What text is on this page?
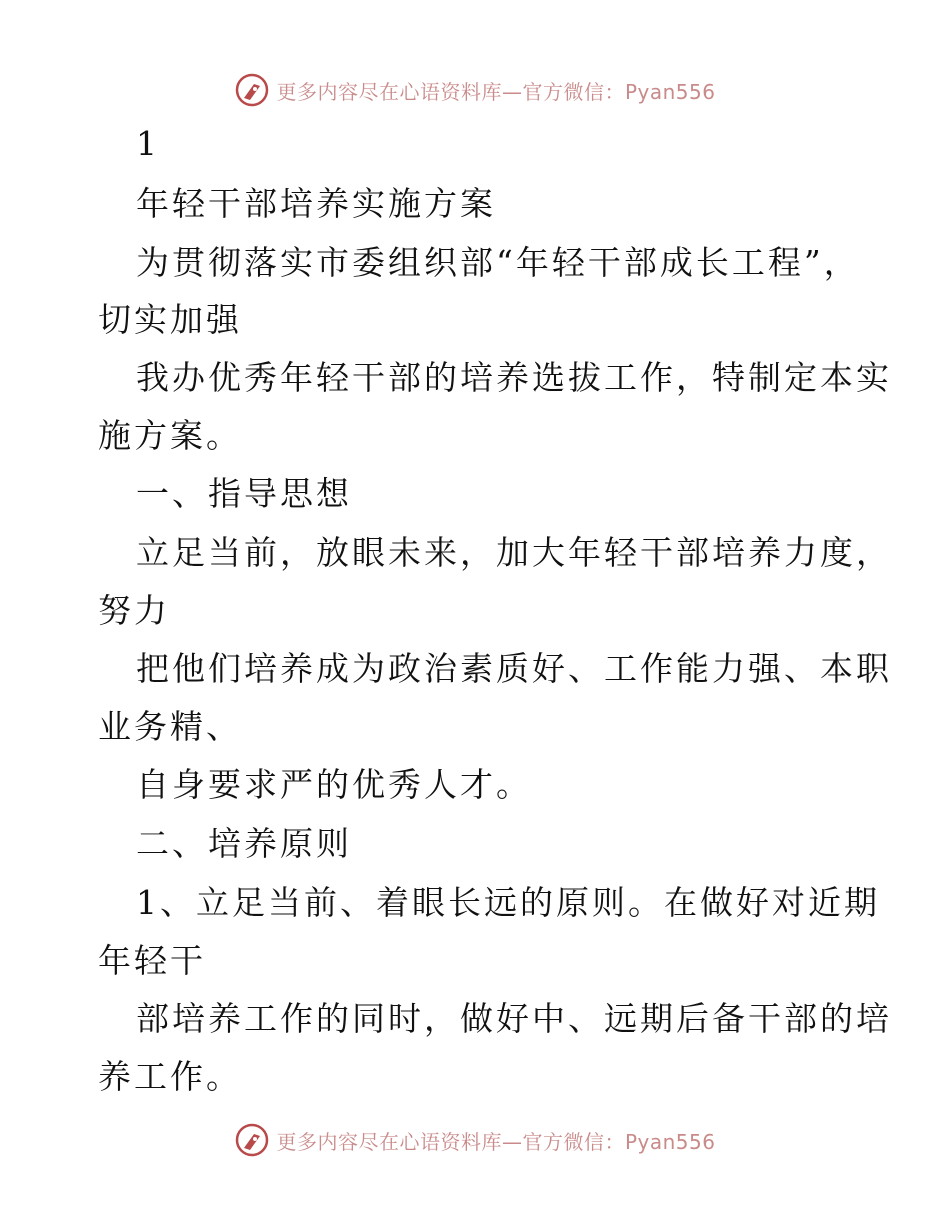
更多内容尽在心语资料库—官方微信：Pyan556
1
年轻干部培养实施方案
为贯彻落实市委组织部“年轻干部成长工程”，
切实加强
我办优秀年轻干部的培养选拔工作，特制定本实
施方案。
一、指导思想
立足当前，放眼未来，加大年轻干部培养力度，
努力
把他们培养成为政治素质好、工作能力强、本职
业务精、
自身要求严的优秀人才。
二、培养原则
1、立足当前、着眼长远的原则。在做好对近期
年轻干
部培养工作的同时，做好中、远期后备干部的培
养工作。
更多内容尽在心语资料库—官方微信：Pyan556
